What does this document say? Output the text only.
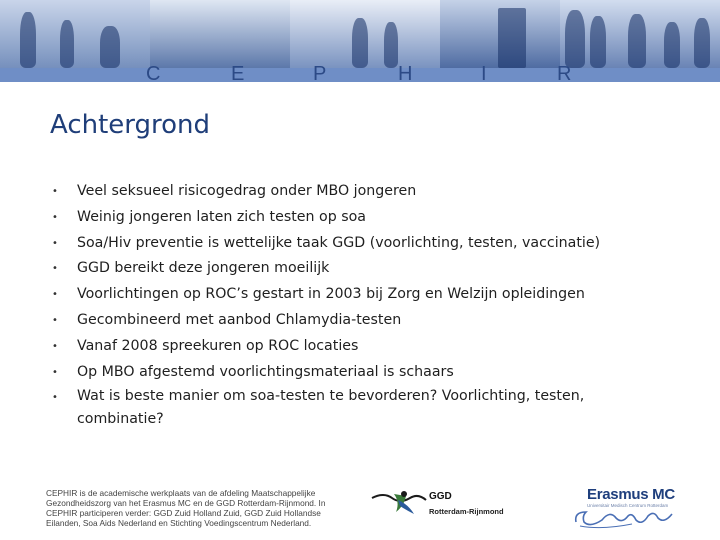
C	E	P	H	I	R
Achtergrond
• Veel seksueel risicogedrag onder MBO jongeren
• Weinig jongeren laten zich testen op soa
• Soa/Hiv preventie is wettelijke taak GGD (voorlichting, testen, vaccinatie)
• GGD bereikt deze jongeren moeilijk
• Voorlichtingen op ROC’s gestart in 2003 bij Zorg en Welzijn opleidingen
• Gecombineerd met aanbod Chlamydia-testen
• Vanaf 2008 spreekuren op ROC locaties
• Op MBO afgestemd voorlichtingsmateriaal is schaars
• Wat is beste manier om soa-testen te bevorderen? Voorlichting, testen, combinatie?
CEPHIR is de academische werkplaats van de afdeling Maatschappelijke
Gezondheidszorg van het Erasmus MC en de GGD Rotterdam-Rijnmond. In
CEPHIR participeren verder: GGD Zuid Holland Zuid, GGD Zuid Hollandse
Eilanden, Soa Aids Nederland en Stichting Voedingscentrum Nederland.
GGD
Rotterdam-Rijnmond
Erasmus MC
Universitair Medisch Centrum Rotterdam
